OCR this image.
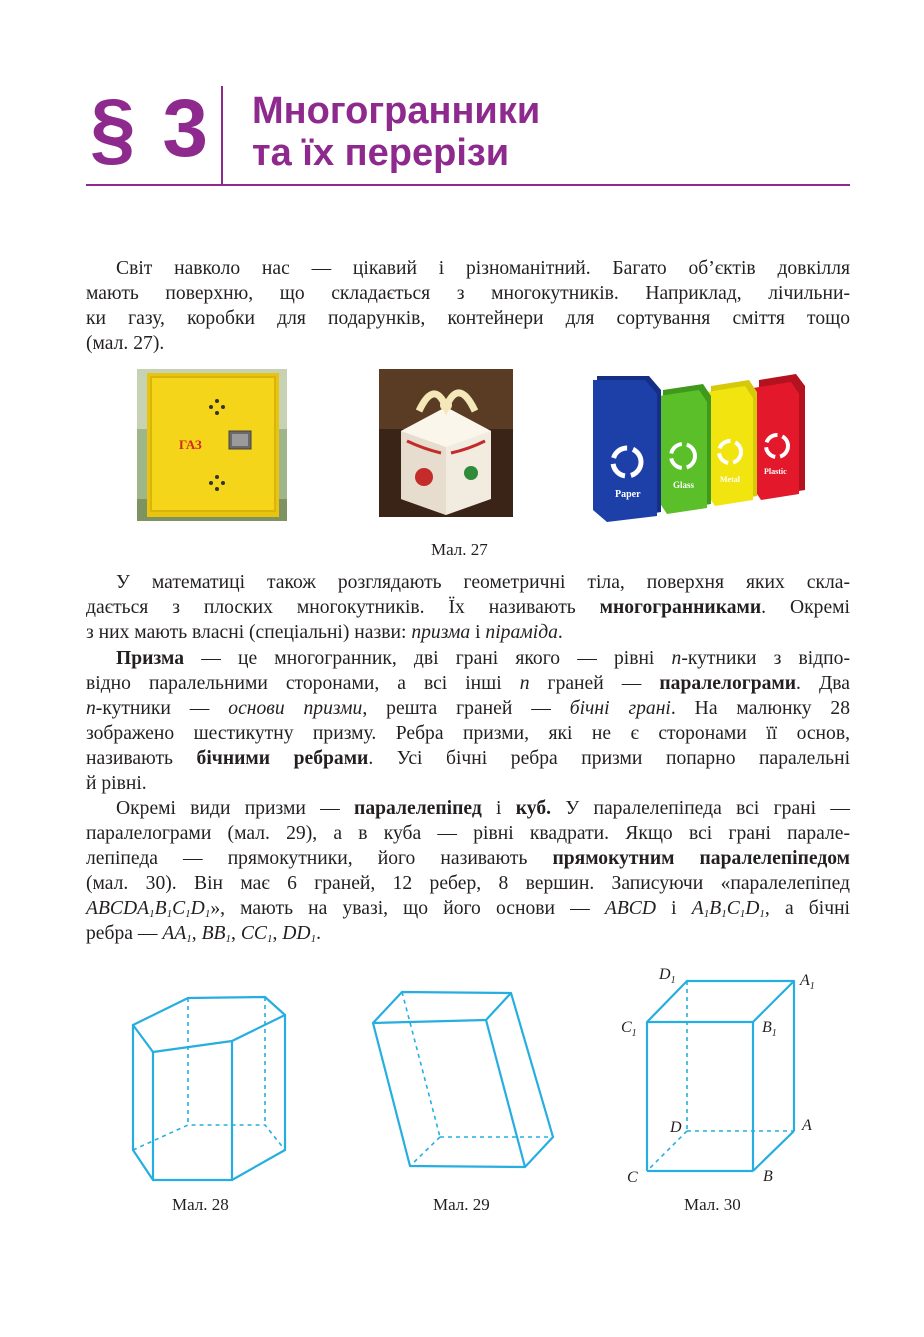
§ 3 Многогранники
та їх перерізи
Світ навколо нас — цікавий і різноманітний. Багато об’єктів довкілля
мають поверхню, що складається з многокутників. Наприклад, лічильни-
ки газу, коробки для подарунків, контейнери для сортування сміття тощо
(мал. 27).
ГАЗ
Paper
Glass
Metal
Plastic
Мал. 27
У математиці також розглядають геометричні тіла, поверхня яких скла-
дається з плоских многокутників. Їх називають многогранниками. Окремі
з них мають власні (спеціальні) назви: призма і піраміда.
Призма — це многогранник, дві грані якого — рівні n-кутники з відпо-
відно паралельними сторонами, а всі інші n граней — паралелограми. Два
n-кутники — основи призми, решта граней — бічні грані. На малюнку 28
зображено шестикутну призму. Ребра призми, які не є сторонами її основ,
називають бічними ребрами. Усі бічні ребра призми попарно паралельні
й рівні.
Окремі види призми — паралелепіпед і куб. У паралелепіпеда всі грані —
паралелограми (мал. 29), а в куба — рівні квадрати. Якщо всі грані парале-
лепіпеда — прямокутники, його називають прямокутним паралелепіпедом
(мал. 30). Він має 6 граней, 12 ребер, 8 вершин. Записуючи «паралелепіпед
$ABCDA_1B_1C_1D_1$», мають на увазі, що його основи — ABCD і $A_1B_1C_1D_1$, а бічні
ребра — $AA_1$, $BB_1$, $CC_1$, $DD_1$.
Мал. 28	Мал. 29
$D_1$	$A_1$
$C_1$	$B_1$
D	A
C	B
Мал. 30
